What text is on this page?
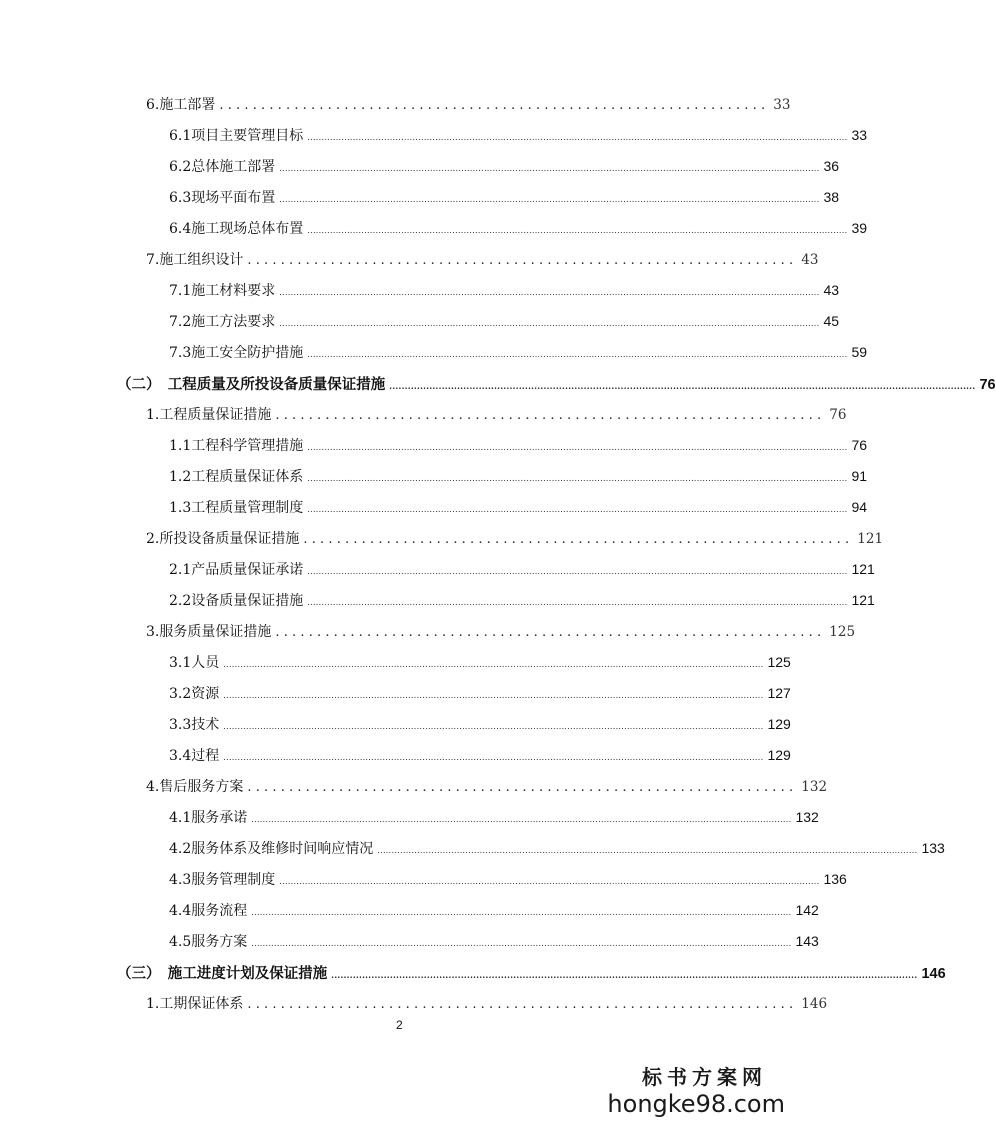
6.施工部署 .................................................................. 33
6.1项目主要管理目标 .............................................................................................................................................................................................. 33
6.2总体施工部署 .............................................................................................................................................................................................. 36
6.3现场平面布置 .............................................................................................................................................................................................. 38
6.4施工现场总体布置 .............................................................................................................................................................................................. 39
7.施工组织设计 .................................................................. 43
7.1施工材料要求 .............................................................................................................................................................................................. 43
7.2施工方法要求 .............................................................................................................................................................................................. 45
7.3施工安全防护措施 .............................................................................................................................................................................................. 59
（二）　工程质量及所投设备质量保证措施 .............................................................................................................................................................................................. 76
1.工程质量保证措施 .................................................................. 76
1.1工程科学管理措施 .............................................................................................................................................................................................. 76
1.2工程质量保证体系 .............................................................................................................................................................................................. 91
1.3工程质量管理制度 .............................................................................................................................................................................................. 94
2.所投设备质量保证措施 .................................................................. 121
2.1产品质量保证承诺 .............................................................................................................................................................................................. 121
2.2设备质量保证措施 .............................................................................................................................................................................................. 121
3.服务质量保证措施 .................................................................. 125
3.1人员 .............................................................................................................................................................................................. 125
3.2资源 .............................................................................................................................................................................................. 127
3.3技术 .............................................................................................................................................................................................. 129
3.4过程 .............................................................................................................................................................................................. 129
4.售后服务方案 .................................................................. 132
4.1服务承诺 .............................................................................................................................................................................................. 132
4.2服务体系及维修时间响应情况 .............................................................................................................................................................................................. 133
4.3服务管理制度 .............................................................................................................................................................................................. 136
4.4服务流程 .............................................................................................................................................................................................. 142
4.5服务方案 .............................................................................................................................................................................................. 143
（三）　施工进度计划及保证措施 .............................................................................................................................................................................................. 146
1.工期保证体系 .................................................................. 146
2
标书方案网
hongke98.com
